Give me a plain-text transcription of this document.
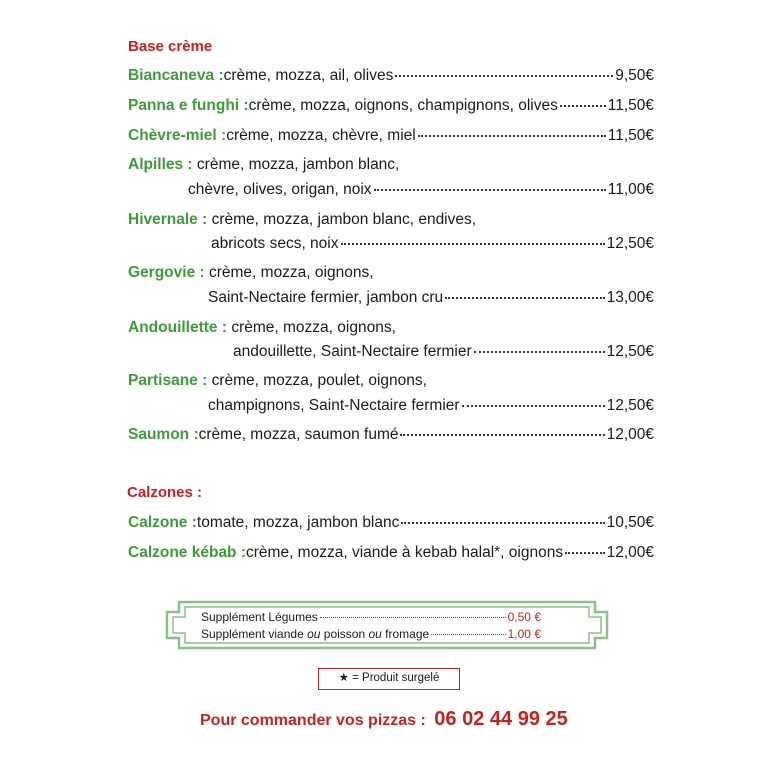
Base crème
Biancaneva : crème, mozza, ail, olives	9,50€
Panna e funghi : crème, mozza, oignons, champignons, olives	11,50€
Chèvre-miel : crème, mozza, chèvre, miel	11,50€
Alpilles : crème, mozza, jambon blanc,
chèvre, olives, origan, noix	11,00€
Hivernale : crème, mozza, jambon blanc, endives,
abricots secs, noix	12,50€
Gergovie : crème, mozza, oignons,
Saint-Nectaire fermier, jambon cru	13,00€
Andouillette : crème, mozza, oignons,
andouillette, Saint-Nectaire fermier	12,50€
Partisane : crème, mozza, poulet, oignons,
champignons, Saint-Nectaire fermier	12,50€
Saumon : crème, mozza, saumon fumé	12,00€
Calzones :
Calzone : tomate, mozza, jambon blanc	10,50€
Calzone kébab : crème, mozza, viande à kebab halal*, oignons	12,00€
Supplément Légumes	0,50 €
Supplément viande ou poisson ou fromage	1,00 €
★ = Produit surgelé
Pour commander vos pizzas : 06 02 44 99 25
